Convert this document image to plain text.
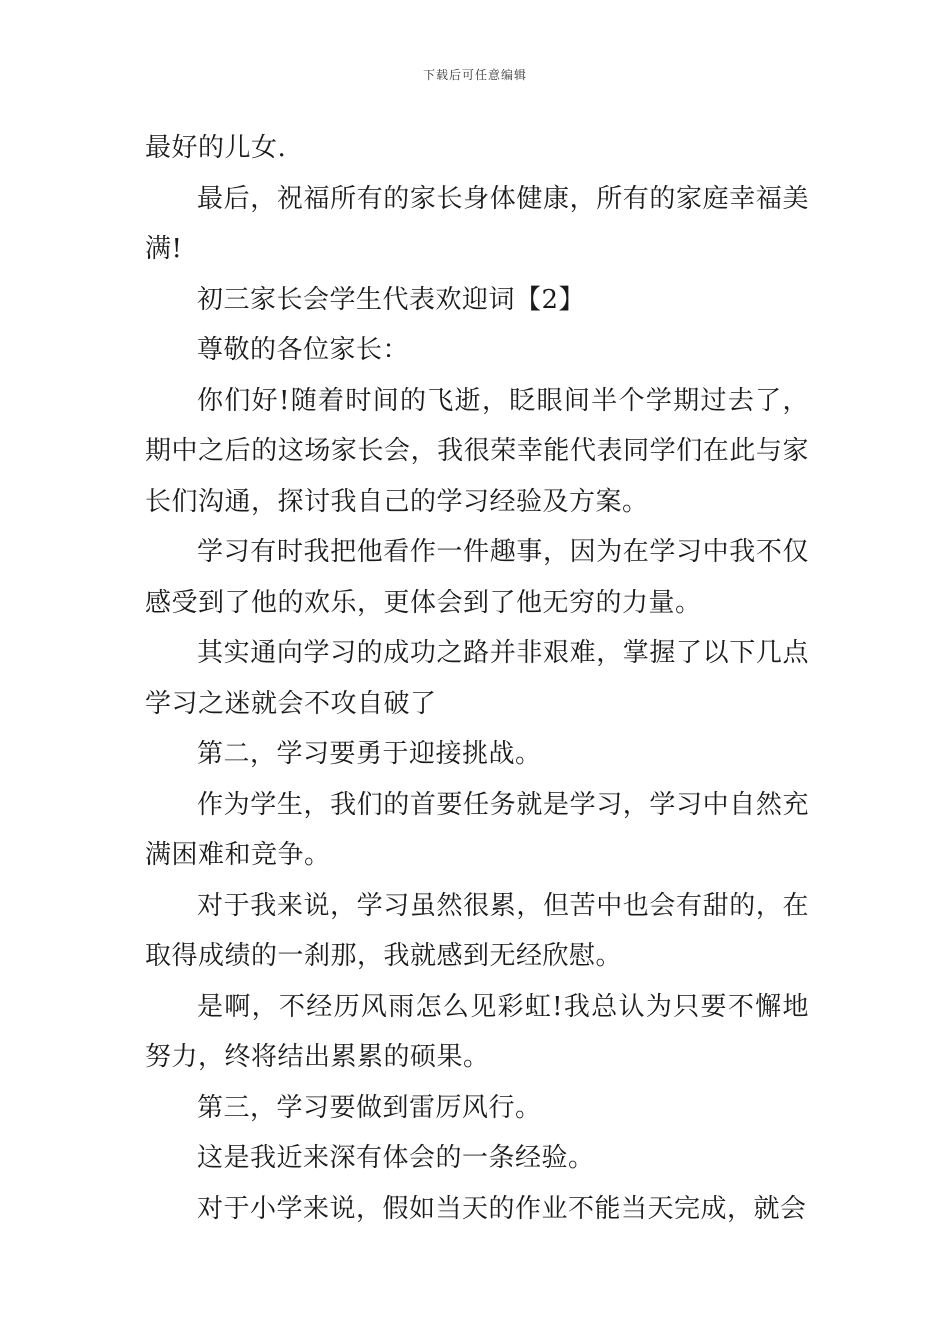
下载后可任意编辑

最好的儿女.

最后，祝福所有的家长身体健康，所有的家庭幸福美满!

初三家长会学生代表欢迎词【2】

尊敬的各位家长：

你们好!随着时间的飞逝，眨眼间半个学期过去了，期中之后的这场家长会，我很荣幸能代表同学们在此与家长们沟通，探讨我自己的学习经验及方案。

学习有时我把他看作一件趣事，因为在学习中我不仅感受到了他的欢乐，更体会到了他无穷的力量。

其实通向学习的成功之路并非艰难，掌握了以下几点学习之迷就会不攻自破了

第二，学习要勇于迎接挑战。

作为学生，我们的首要任务就是学习，学习中自然充满困难和竞争。

对于我来说，学习虽然很累，但苦中也会有甜的，在取得成绩的一刹那，我就感到无经欣慰。

是啊，不经历风雨怎么见彩虹!我总认为只要不懈地努力，终将结出累累的硕果。

第三，学习要做到雷厉风行。

这是我近来深有体会的一条经验。

对于小学来说，假如当天的作业不能当天完成，就会
